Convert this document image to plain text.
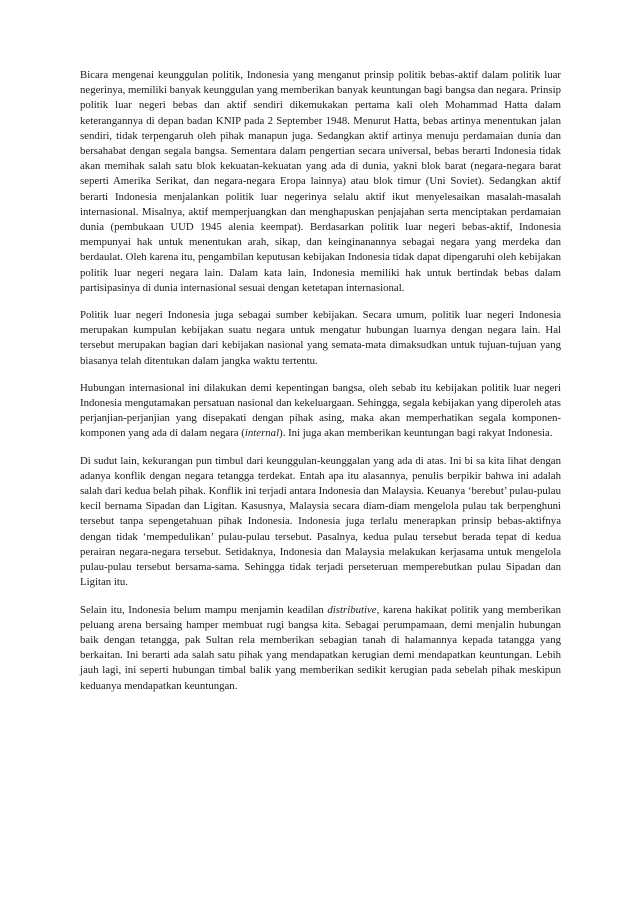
Bicara mengenai keunggulan politik, Indonesia yang menganut prinsip politik bebas-aktif dalam politik luar negerinya, memiliki banyak keunggulan yang memberikan banyak keuntungan bagi bangsa dan negara. Prinsip politik luar negeri bebas dan aktif sendiri dikemukakan pertama kali oleh Mohammad Hatta dalam keterangannya di depan badan KNIP pada 2 September 1948. Menurut Hatta, bebas artinya menentukan jalan sendiri, tidak terpengaruh oleh pihak manapun juga. Sedangkan aktif artinya menuju perdamaian dunia dan bersahabat dengan segala bangsa. Sementara dalam pengertian secara universal, bebas berarti Indonesia tidak akan memihak salah satu blok kekuatan-kekuatan yang ada di dunia, yakni blok barat (negara-negara barat seperti Amerika Serikat, dan negara-negara Eropa lainnya) atau blok timur (Uni Soviet). Sedangkan aktif berarti Indonesia menjalankan politik luar negerinya selalu aktif ikut menyelesaikan masalah-masalah internasional. Misalnya, aktif memperjuangkan dan menghapuskan penjajahan serta menciptakan perdamaian dunia (pembukaan UUD 1945 alenia keempat). Berdasarkan politik luar negeri bebas-aktif, Indonesia mempunyai hak untuk menentukan arah, sikap, dan keinginanannya sebagai negara yang merdeka dan berdaulat. Oleh karena itu, pengambilan keputusan kebijakan Indonesia tidak dapat dipengaruhi oleh kebijakan politik luar negeri negara lain. Dalam kata lain, Indonesia memiliki hak untuk bertindak bebas dalam partisipasinya di dunia internasional sesuai dengan ketetapan internasional.

Politik luar negeri Indonesia juga sebagai sumber kebijakan. Secara umum, politik luar negeri Indonesia merupakan kumpulan kebijakan suatu negara untuk mengatur hubungan luarnya dengan negara lain. Hal tersebut merupakan bagian dari kebijakan nasional yang semata-mata dimaksudkan untuk tujuan-tujuan yang biasanya telah ditentukan dalam jangka waktu tertentu.

Hubungan internasional ini dilakukan demi kepentingan bangsa, oleh sebab itu kebijakan politik luar negeri Indonesia mengutamakan persatuan nasional dan kekeluargaan. Sehingga, segala kebijakan yang diperoleh atas perjanjian-perjanjian yang disepakati dengan pihak asing, maka akan memperhatikan segala komponen-komponen yang ada di dalam negara (internal). Ini juga akan memberikan keuntungan bagi rakyat Indonesia.

Di sudut lain, kekurangan pun timbul dari keunggulan-keunggalan yang ada di atas. Ini bi sa kita lihat dengan adanya konflik dengan negara tetangga terdekat. Entah apa itu alasannya, penulis berpikir bahwa ini adalah salah dari kedua belah pihak. Konflik ini terjadi antara Indonesia dan Malaysia. Keuanya ‘berebut’ pulau-pulau kecil bernama Sipadan dan Ligitan. Kasusnya, Malaysia secara diam-diam mengelola pulau tak berpenghuni tersebut tanpa sepengetahuan pihak Indonesia. Indonesia juga terlalu menerapkan prinsip bebas-aktifnya dengan tidak ‘mempedulikan’ pulau-pulau tersebut. Pasalnya, kedua pulau tersebut berada tepat di kedua perairan negara-negara tersebut. Setidaknya, Indonesia dan Malaysia melakukan kerjasama untuk mengelola pulau-pulau tersebut bersama-sama. Sehingga tidak terjadi perseteruan memperebutkan pulau Sipadan dan Ligitan itu.

Selain itu, Indonesia belum mampu menjamin keadilan distributive, karena hakikat politik yang memberikan peluang arena bersaing hamper membuat rugi bangsa kita. Sebagai perumpamaan, demi menjalin hubungan baik dengan tetangga, pak Sultan rela memberikan sebagian tanah di halamannya kepada tatangga yang berkaitan. Ini berarti ada salah satu pihak yang mendapatkan kerugian demi mendapatkan keuntungan. Lebih jauh lagi, ini seperti hubungan timbal balik yang memberikan sedikit kerugian pada sebelah pihak meskipun keduanya mendapatkan keuntungan.
